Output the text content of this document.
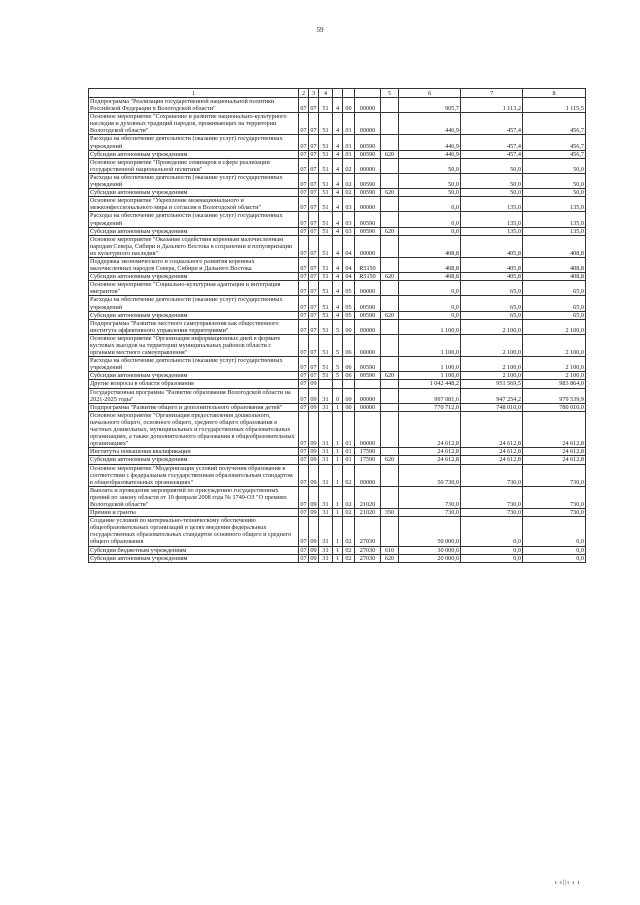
59
1	2	3	4				5	6	7	8
Подпрограмма "Реализация государственной национальной политики Российской Федерации в Вологодской области"	07	07	51	4	00	00000		905,7	1 113,2	1 115,5
Основное мероприятие "Сохранение и развитие национально-культурного наследия и духовных традиций народов, проживающих на территории Вологодской области"	07	07	51	4	01	00000		446,9	457,4	456,7
Расходы на обеспечение деятельности (оказание услуг) государственных учреждений	07	07	51	4	01	00590		446,9	457,4	456,7
Субсидии автономным учреждениям	07	07	51	4	01	00590	620	446,9	457,4	456,7
Основное мероприятие "Проведение семинаров в сфере реализации государственной национальной политики"	07	07	51	4	02	00000		50,0	50,0	50,0
Расходы на обеспечение деятельности (оказание услуг) государственных учреждений	07	07	51	4	02	00590		50,0	50,0	50,0
Субсидии автономным учреждениям	07	07	51	4	02	00590	620	50,0	50,0	50,0
Основное мероприятие "Укрепление межнационального и межконфессионального мира и согласия в Вологодской области"	07	07	51	4	03	00000		0,0	135,0	135,0
Расходы на обеспечение деятельности (оказание услуг) государственных учреждений	07	07	51	4	03	00590		0,0	135,0	135,0
Субсидии автономным учреждениям	07	07	51	4	03	00590	620	0,0	135,0	135,0
Основное мероприятие "Оказание содействия коренным малочисленным народам Севера, Сибири и Дальнего Востока в сохранении и популяризации их культурного наследия"	07	07	51	4	04	00000		408,8	405,8	408,8
Поддержка экономического и социального развития коренных малочисленных народов Севера, Сибири и Дальнего Востока	07	07	51	4	04	R5150		408,8	405,8	408,8
Субсидии автономным учреждениям	07	07	51	4	04	R5150	620	408,8	405,8	408,8
Основное мероприятие "Социально-культурная адаптация и интеграция мигрантов"	07	07	51	4	05	00000		0,0	65,0	65,0
Расходы на обеспечение деятельности (оказание услуг) государственных учреждений	07	07	51	4	05	00590		0,0	65,0	65,0
Субсидии автономным учреждениям	07	07	51	4	05	00590	620	0,0	65,0	65,0
Подпрограмма "Развитие местного самоуправления как общественного института эффективного управления территориями"	07	07	51	5	00	00000		1 100,0	2 100,0	2 100,0
Основное мероприятие "Организация информационных дней в формате кустовых выездов на территории муниципальных районов области с органами местного самоуправления"	07	07	51	5	06	00000		1 100,0	2 100,0	2 100,0
Расходы на обеспечение деятельности (оказание услуг) государственных учреждений	07	07	51	5	06	00590		1 100,0	2 100,0	2 100,0
Субсидии автономным учреждениям	07	07	51	5	06	00590	620	1 100,0	2 100,0	2 100,0
Другие вопросы в области образования	07	09						1 042 448,2	951 569,5	983 864,0
Государственная программа "Развитие образования Вологодской области на 2021-2025 годы"	07	09	31	0	00	00000		997 081,6	947 254,2	979 539,9
Подпрограмма "Развитие общего и дополнительного образования детей"	07	09	31	1	00	00000		770 712,0	748 010,0	780 010,0
Основное мероприятие "Организация предоставления дошкольного, начального общего, основного общего, среднего общего образования в частных дошкольных, муниципальных и государственных образовательных организациях, а также дополнительного образования в общеобразовательных организациях"	07	09	31	1	01	00000		24 612,8	24 612,8	24 612,8
Институты повышения квалификации	07	09	31	1	01	17590		24 612,8	24 612,8	24 612,8
Субсидии автономным учреждениям	07	09	31	1	01	17590	620	24 612,8	24 612,8	24 612,8
Основное мероприятие "Модернизация условий получения образования в соответствии с федеральным государственным образовательным стандартом в общеобразовательных организациях"	07	09	31	1	02	00000		50 730,0	730,0	730,0
Выплата и проведение мероприятий по присуждению государственных премий по закону области от 10 февраля 2008 года № 1749-ОЗ "О премиях Вологодской области"	07	09	31	1	02	21020		730,0	730,0	730,0
Премии и гранты	07	09	31	1	02	21020	350	730,0	730,0	730,0
Создание условий по материально-техническому обеспечению общеобразовательных организаций в целях введения федеральных государственных образовательных стандартов основного общего и среднего общего образования	07	09	31	1	02	27030		50 000,0	0,0	0,0
Субсидии бюджетным учреждениям	07	09	31	1	02	27030	610	30 000,0	0,0	0,0
Субсидии автономным учреждениям	07	09	31	1	02	27030	620	20 000,0	0,0	0,0
ı ı||ı ı ı
